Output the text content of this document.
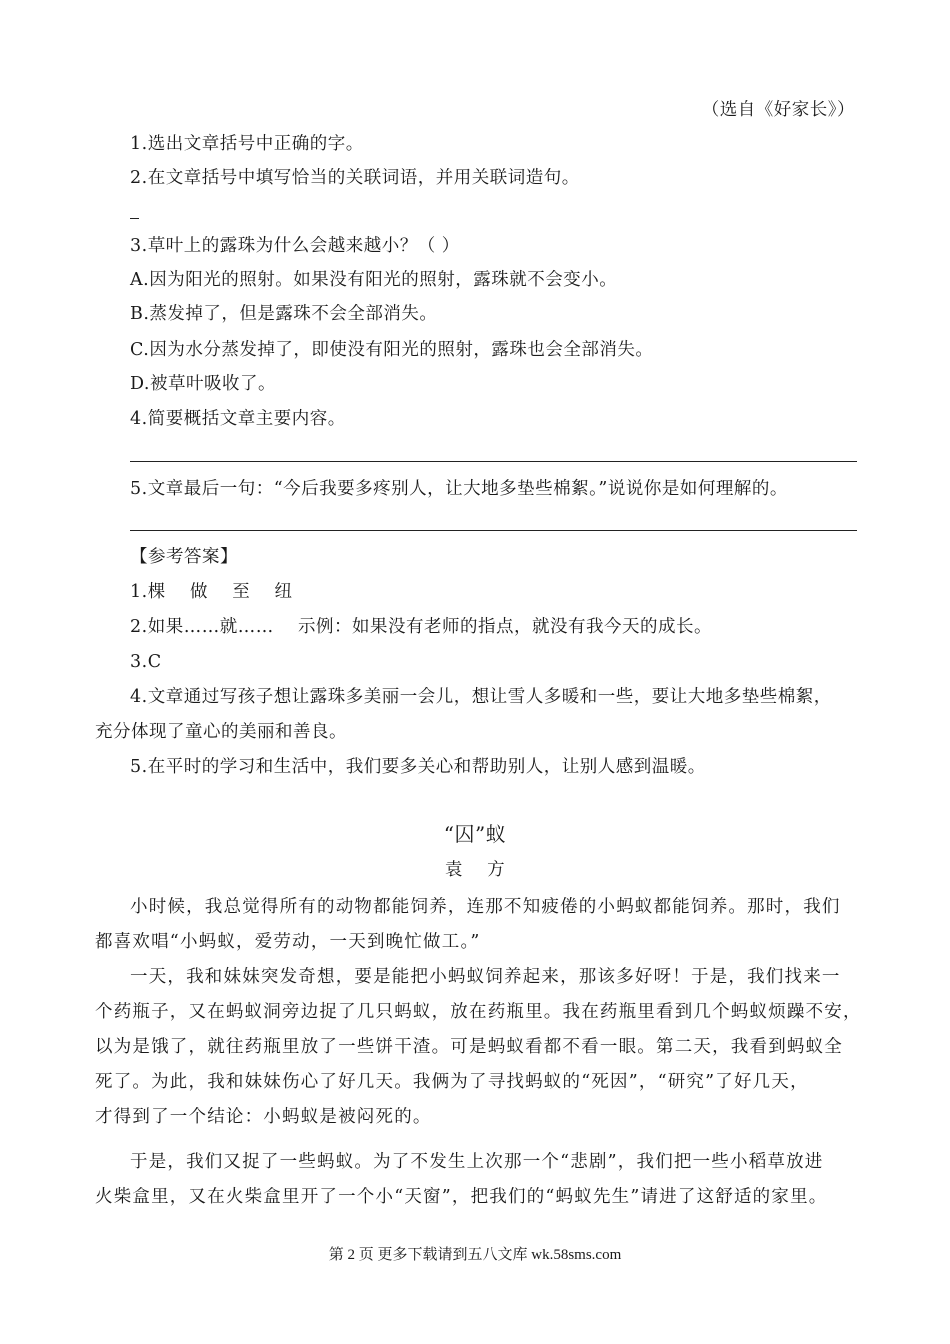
（选自《好家长》）
1.选出文章括号中正确的字。
2.在文章括号中填写恰当的关联词语，并用关联词造句。
3.草叶上的露珠为什么会越来越小？（ ）
A.因为阳光的照射。如果没有阳光的照射，露珠就不会变小。
B.蒸发掉了，但是露珠不会全部消失。
C.因为水分蒸发掉了，即使没有阳光的照射，露珠也会全部消失。
D.被草叶吸收了。
4.简要概括文章主要内容。
5.文章最后一句：“今后我要多疼别人，让大地多垫些棉絮。”说说你是如何理解的。
【参考答案】
1.棵    做    至    纽
2.如果……就……    示例：如果没有老师的指点，就没有我今天的成长。
3.C
4.文章通过写孩子想让露珠多美丽一会儿，想让雪人多暖和一些，要让大地多垫些棉絮，
充分体现了童心的美丽和善良。
5.在平时的学习和生活中，我们要多关心和帮助别人，让别人感到温暖。
“囚”蚁
袁    方
小时候，我总觉得所有的动物都能饲养，连那不知疲倦的小蚂蚁都能饲养。那时，我们
都喜欢唱“小蚂蚁，爱劳动，一天到晚忙做工。”
一天，我和妹妹突发奇想，要是能把小蚂蚁饲养起来，那该多好呀！于是，我们找来一
个药瓶子，又在蚂蚁洞旁边捉了几只蚂蚁，放在药瓶里。我在药瓶里看到几个蚂蚁烦躁不安，
以为是饿了，就往药瓶里放了一些饼干渣。可是蚂蚁看都不看一眼。第二天，我看到蚂蚁全
死了。为此，我和妹妹伤心了好几天。我俩为了寻找蚂蚁的“死因”，“研究”了好几天，
才得到了一个结论：小蚂蚁是被闷死的。
于是，我们又捉了一些蚂蚁。为了不发生上次那一个“悲剧”，我们把一些小稻草放进
火柴盒里，又在火柴盒里开了一个小“天窗”，把我们的“蚂蚁先生”请进了这舒适的家里。
第 2 页 更多下载请到五八文库 wk.58sms.com
